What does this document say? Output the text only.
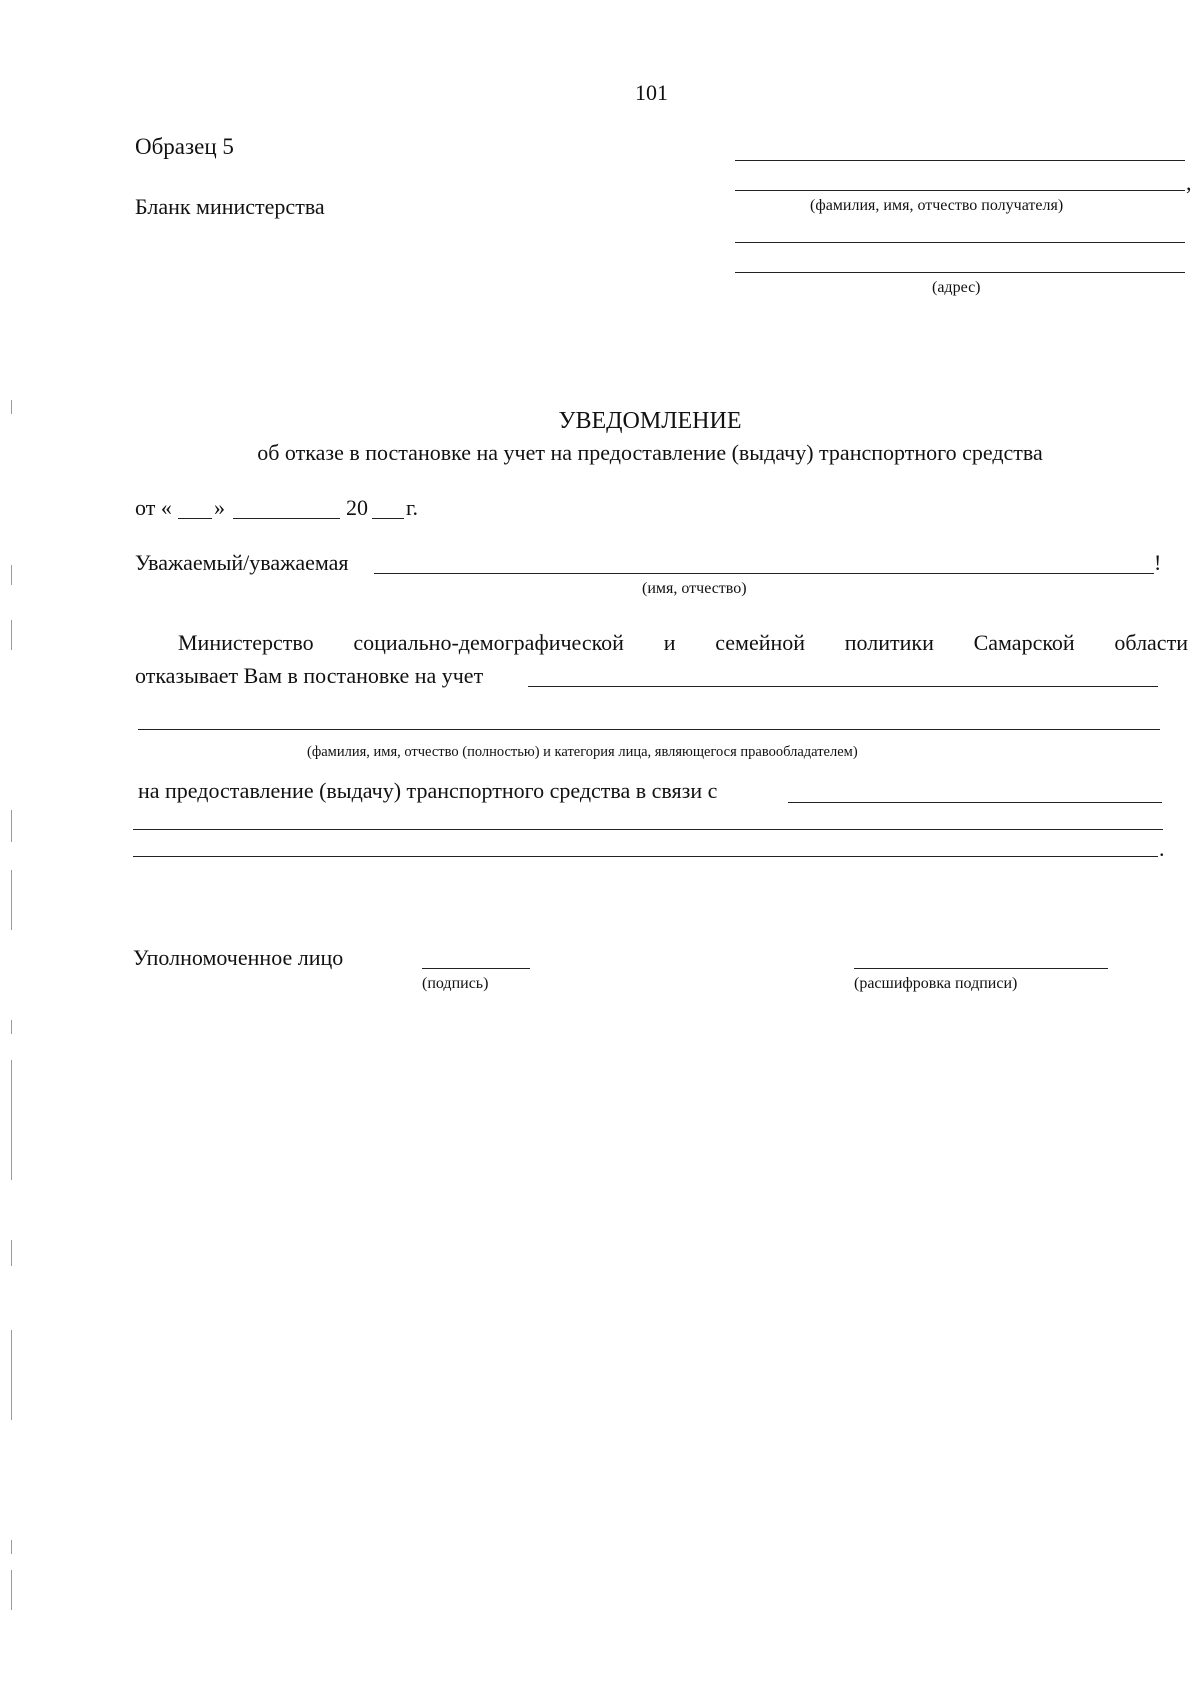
101
Образец 5
Бланк министерства
,
(фамилия, имя, отчество получателя)
(адрес)
УВЕДОМЛЕНИЕ
об отказе в постановке на учет на предоставление (выдачу) транспортного средства
от « »	20 г.
Уважаемый/уважаемая	!
(имя, отчество)
Министерство социально-демографической и семейной политики Самарской области
отказывает Вам в постановке на учет
(фамилия, имя, отчество (полностью) и категория лица, являющегося правообладателем)
на предоставление (выдачу) транспортного средства в связи с
.
Уполномоченное лицо
(подпись)	(расшифровка подписи)
